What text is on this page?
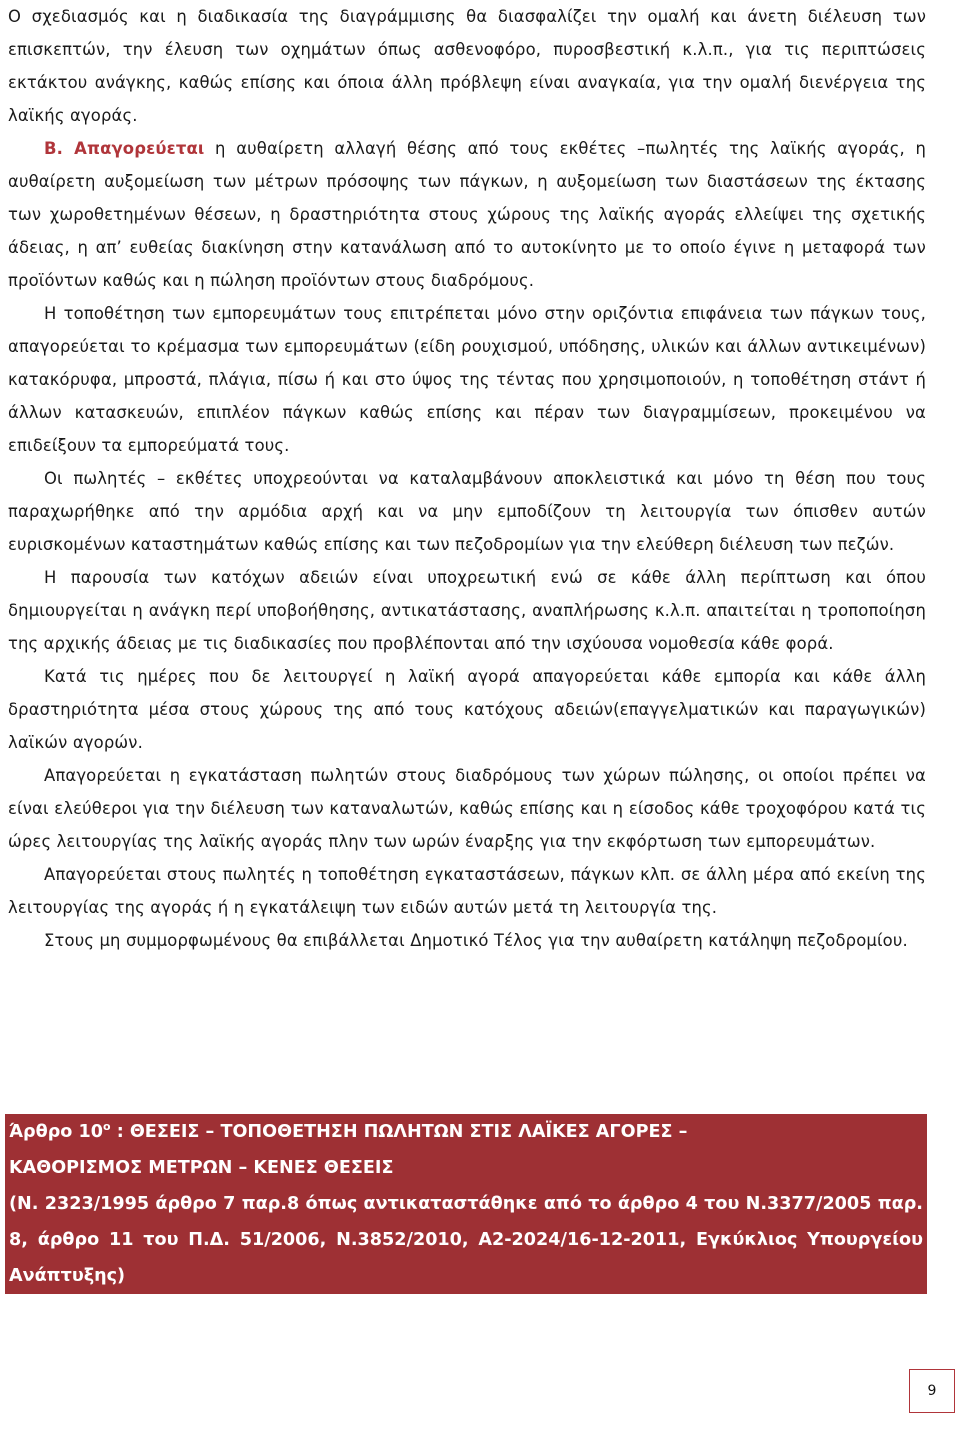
Ο σχεδιασμός και η διαδικασία της διαγράμμισης θα διασφαλίζει την ομαλή και άνετη διέλευση των επισκεπτών, την έλευση των οχημάτων όπως ασθενοφόρο, πυροσβεστική κ.λ.π., για τις περιπτώσεις εκτάκτου ανάγκης, καθώς επίσης και όποια άλλη πρόβλεψη είναι αναγκαία, για την ομαλή διενέργεια της λαϊκής αγοράς.

Β. Απαγορεύεται η αυθαίρετη αλλαγή θέσης από τους εκθέτες –πωλητές της λαϊκής αγοράς, η αυθαίρετη αυξομείωση των μέτρων πρόσοψης των πάγκων, η αυξομείωση των διαστάσεων της έκτασης των χωροθετημένων θέσεων, η δραστηριότητα στους χώρους της λαϊκής αγοράς ελλείψει της σχετικής άδειας, η απ’ ευθείας διακίνηση στην κατανάλωση από το αυτοκίνητο με το οποίο έγινε η μεταφορά των προϊόντων καθώς και η πώληση προϊόντων στους διαδρόμους.

Η τοποθέτηση των εμπορευμάτων τους επιτρέπεται μόνο στην οριζόντια επιφάνεια των πάγκων τους, απαγορεύεται το κρέμασμα των εμπορευμάτων (είδη ρουχισμού, υπόδησης, υλικών και άλλων αντικειμένων) κατακόρυφα, μπροστά, πλάγια, πίσω ή και στο ύψος της τέντας που χρησιμοποιούν, η τοποθέτηση στάντ ή άλλων κατασκευών, επιπλέον πάγκων καθώς επίσης και πέραν των διαγραμμίσεων, προκειμένου να επιδείξουν τα εμπορεύματά τους.

Οι πωλητές – εκθέτες υποχρεούνται να καταλαμβάνουν αποκλειστικά και μόνο τη θέση που τους παραχωρήθηκε από την αρμόδια αρχή και να μην εμποδίζουν τη λειτουργία των όπισθεν αυτών ευρισκομένων καταστημάτων καθώς επίσης και των πεζοδρομίων για την ελεύθερη διέλευση των πεζών.

Η παρουσία των κατόχων αδειών είναι υποχρεωτική ενώ σε κάθε άλλη περίπτωση και όπου δημιουργείται η ανάγκη περί υποβοήθησης, αντικατάστασης, αναπλήρωσης κ.λ.π. απαιτείται η τροποποίηση της αρχικής άδειας με τις διαδικασίες που προβλέπονται από την ισχύουσα νομοθεσία κάθε φορά.

Κατά τις ημέρες που δε λειτουργεί η λαϊκή αγορά απαγορεύεται κάθε εμπορία και κάθε άλλη δραστηριότητα μέσα στους χώρους της από τους κατόχους αδειών(επαγγελματικών και παραγωγικών) λαϊκών αγορών.

Απαγορεύεται η εγκατάσταση πωλητών στους διαδρόμους των χώρων πώλησης, οι οποίοι πρέπει να είναι ελεύθεροι για την διέλευση των καταναλωτών, καθώς επίσης και η είσοδος κάθε τροχοφόρου κατά τις ώρες λειτουργίας της λαϊκής αγοράς πλην των ωρών έναρξης για την εκφόρτωση των εμπορευμάτων.

Απαγορεύεται στους πωλητές η τοποθέτηση εγκαταστάσεων, πάγκων κλπ. σε άλλη μέρα από εκείνη της λειτουργίας της αγοράς ή η εγκατάλειψη των ειδών αυτών μετά τη λειτουργία της.

Στους μη συμμορφωμένους θα επιβάλλεται Δημοτικό Τέλος για την αυθαίρετη κατάληψη πεζοδρομίου.

Άρθρο $10^o$ : ΘΕΣΕΙΣ – ΤΟΠΟΘΕΤΗΣΗ ΠΩΛΗΤΩΝ ΣΤΙΣ ΛΑΪΚΕΣ ΑΓΟΡΕΣ –
ΚΑΘΟΡΙΣΜΟΣ ΜΕΤΡΩΝ – ΚΕΝΕΣ ΘΕΣΕΙΣ
(Ν. 2323/1995 άρθρο 7 παρ.8 όπως αντικαταστάθηκε από το άρθρο 4 του Ν.3377/2005 παρ. 8, άρθρο 11 του Π.Δ. 51/2006, Ν.3852/2010, Α2-2024/16-12-2011, Εγκύκλιος Υπουργείου Ανάπτυξης)
9
